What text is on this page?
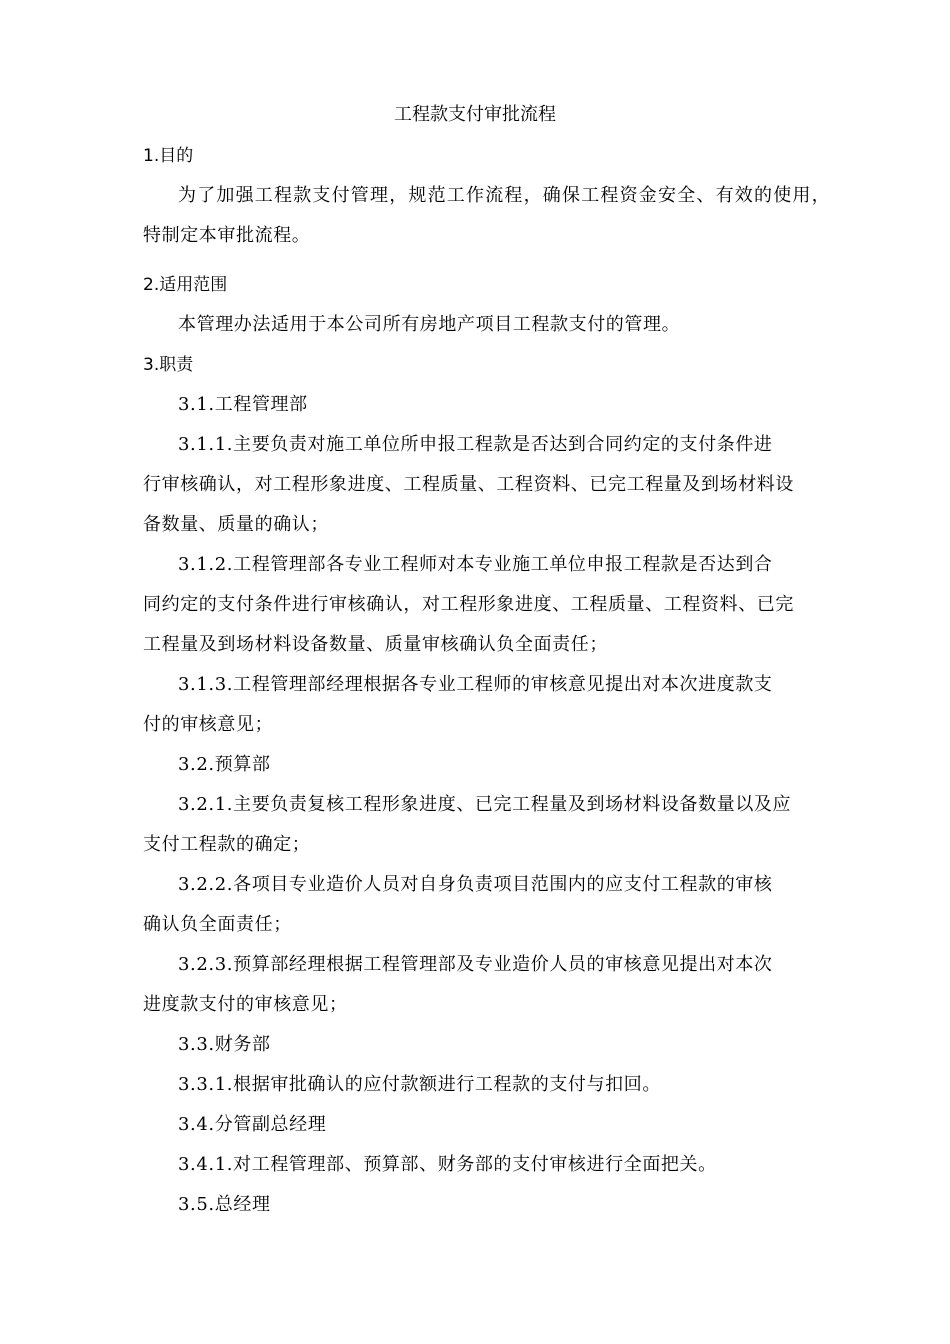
工程款支付审批流程
1.目的
为了加强工程款支付管理，规范工作流程，确保工程资金安全、有效的使用，
特制定本审批流程。
2.适用范围
本管理办法适用于本公司所有房地产项目工程款支付的管理。
3.职责
3.1.工程管理部
3.1.1.主要负责对施工单位所申报工程款是否达到合同约定的支付条件进
行审核确认，对工程形象进度、工程质量、工程资料、已完工程量及到场材料设
备数量、质量的确认；
3.1.2.工程管理部各专业工程师对本专业施工单位申报工程款是否达到合
同约定的支付条件进行审核确认，对工程形象进度、工程质量、工程资料、已完
工程量及到场材料设备数量、质量审核确认负全面责任；
3.1.3.工程管理部经理根据各专业工程师的审核意见提出对本次进度款支
付的审核意见；
3.2.预算部
3.2.1.主要负责复核工程形象进度、已完工程量及到场材料设备数量以及应
支付工程款的确定；
3.2.2.各项目专业造价人员对自身负责项目范围内的应支付工程款的审核
确认负全面责任；
3.2.3.预算部经理根据工程管理部及专业造价人员的审核意见提出对本次
进度款支付的审核意见；
3.3.财务部
3.3.1.根据审批确认的应付款额进行工程款的支付与扣回。
3.4.分管副总经理
3.4.1.对工程管理部、预算部、财务部的支付审核进行全面把关。
3.5.总经理
